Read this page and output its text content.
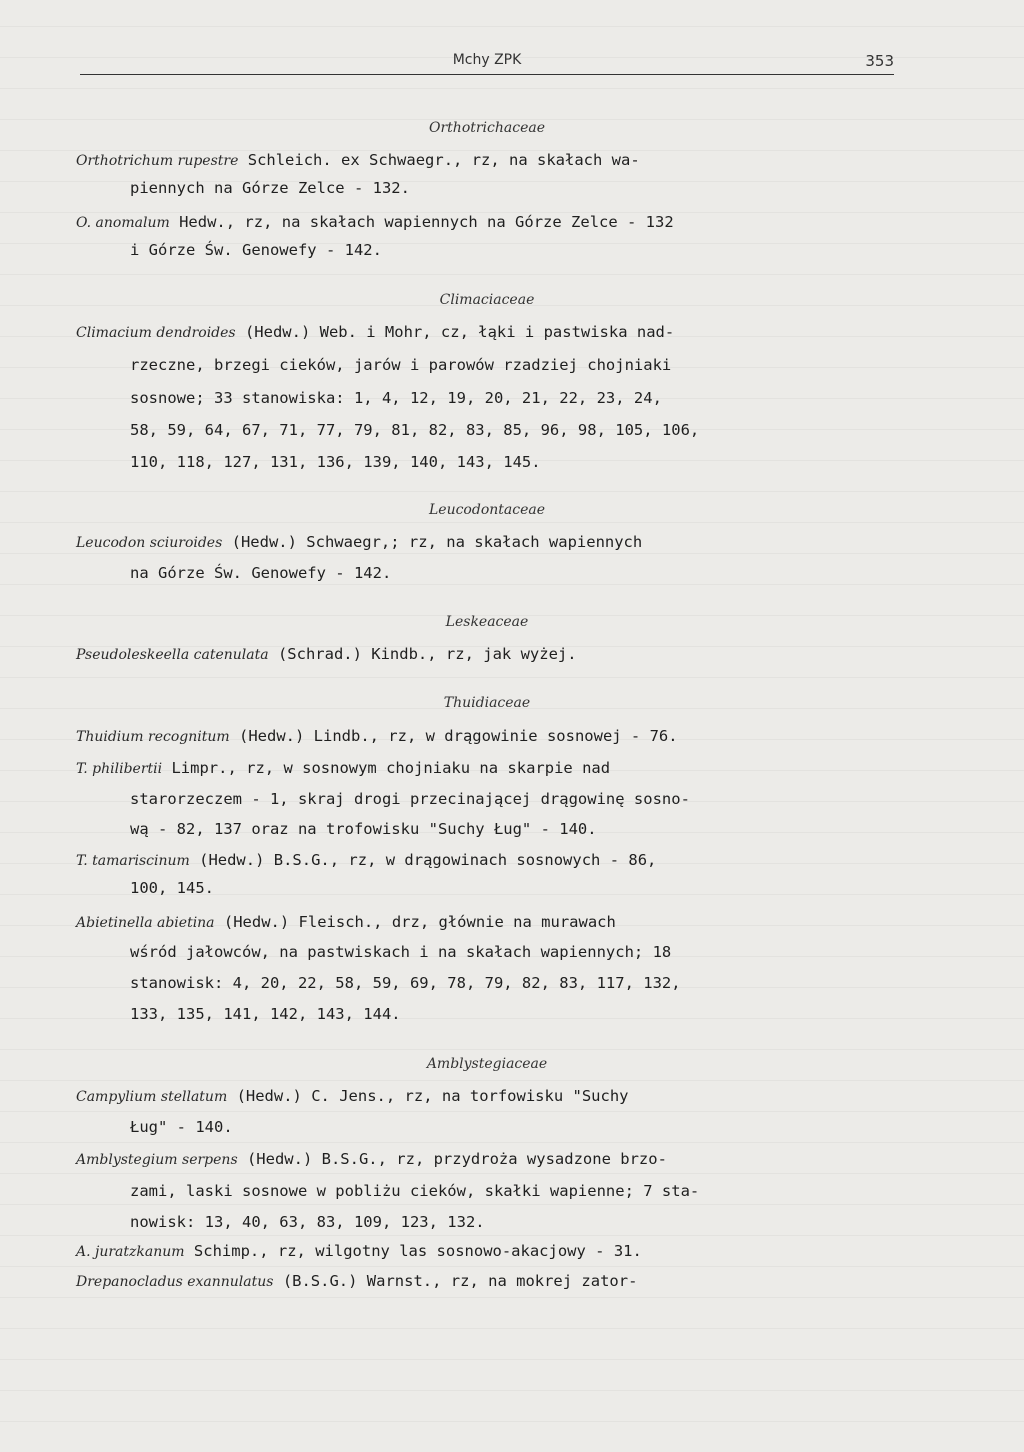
Mchy ZPK	353
Orthotrichaceae
Orthotrichum rupestre Schleich. ex Schwaegr., rz, na skałach wa-
piennych na Górze Zelce - 132.
O. anomalum Hedw., rz, na skałach wapiennych na Górze Zelce - 132
i Górze Św. Genowefy - 142.
Climaciaceae
Climacium dendroides (Hedw.) Web. i Mohr, cz, łąki i pastwiska nad-
rzeczne, brzegi cieków, jarów i parowów rzadziej chojniaki
sosnowe; 33 stanowiska: 1, 4, 12, 19, 20, 21, 22, 23, 24,
58, 59, 64, 67, 71, 77, 79, 81, 82, 83, 85, 96, 98, 105, 106,
110, 118, 127, 131, 136, 139, 140, 143, 145.
Leucodontaceae
Leucodon sciuroides (Hedw.) Schwaegr,; rz, na skałach wapiennych
na Górze Św. Genowefy - 142.
Leskeaceae
Pseudoleskeella catenulata (Schrad.) Kindb., rz, jak wyżej.
Thuidiaceae
Thuidium recognitum (Hedw.) Lindb., rz, w drągowinie sosnowej - 76.
T. philibertii Limpr., rz, w sosnowym chojniaku na skarpie nad
starorzeczem - 1, skraj drogi przecinającej drągowinę sosno-
wą - 82, 137 oraz na trofowisku "Suchy Ług" - 140.
T. tamariscinum (Hedw.) B.S.G., rz, w drągowinach sosnowych - 86,
100, 145.
Abietinella abietina (Hedw.) Fleisch., drz, głównie na murawach
wśród jałowców, na pastwiskach i na skałach wapiennych; 18
stanowisk: 4, 20, 22, 58, 59, 69, 78, 79, 82, 83, 117, 132,
133, 135, 141, 142, 143, 144.
Amblystegiaceae
Campylium stellatum (Hedw.) C. Jens., rz, na torfowisku "Suchy
Ług" - 140.
Amblystegium serpens (Hedw.) B.S.G., rz, przydroża wysadzone brzo-
zami, laski sosnowe w pobliżu cieków, skałki wapienne; 7 sta-
nowisk: 13, 40, 63, 83, 109, 123, 132.
A. juratzkanum Schimp., rz, wilgotny las sosnowo-akacjowy - 31.
Drepanocladus exannulatus (B.S.G.) Warnst., rz, na mokrej zator-
